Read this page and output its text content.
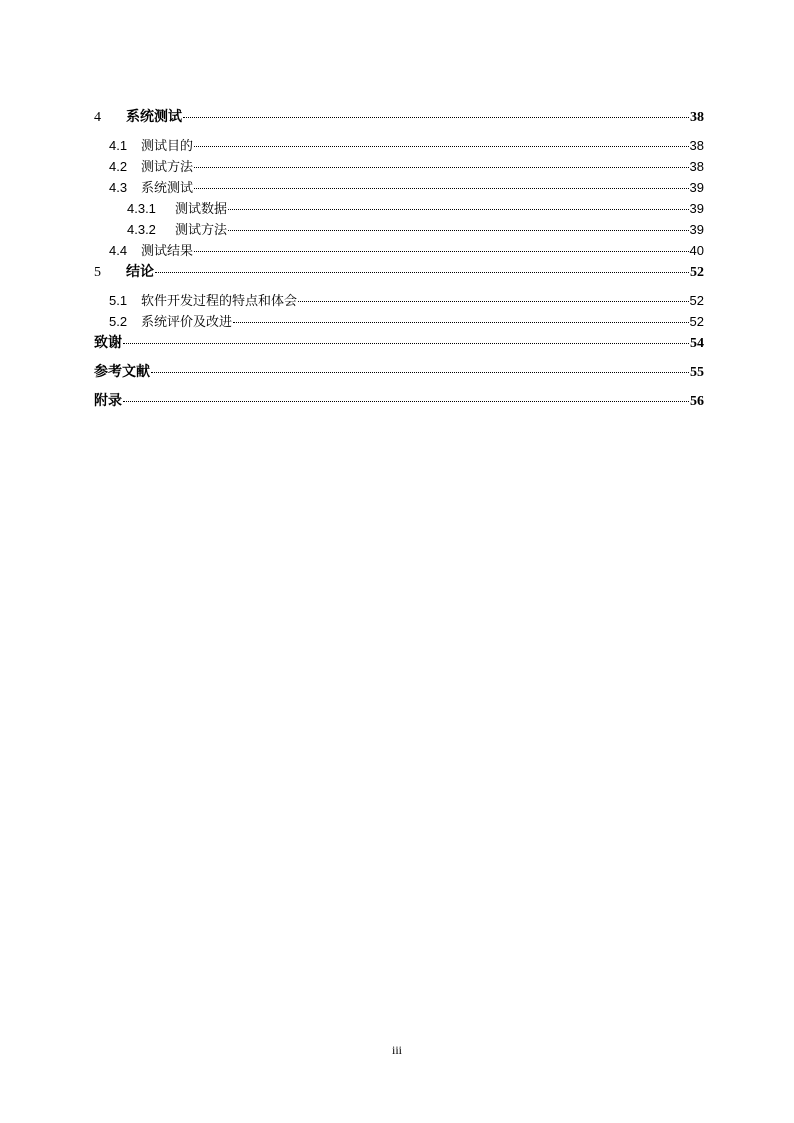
4	系统测试	38
4.1	测试目的	38
4.2	测试方法	38
4.3	系统测试	39
4.3.1	测试数据	39
4.3.2	测试方法	39
4.4	测试结果	40
5	结论	52
5.1	软件开发过程的特点和体会	52
5.2	系统评价及改进	52
致谢	54
参考文献	55
附录	56
iii
